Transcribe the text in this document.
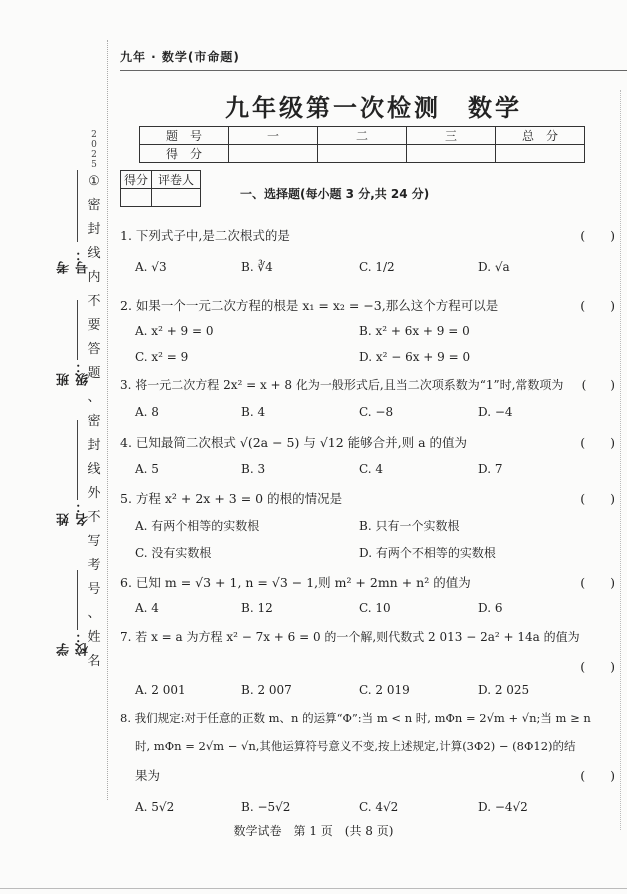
九年 · 数学(市命题)
2
0
2
5
①
密
封
线
内
不
要
答
题
、
密
封
线
外
不
写
考
号
、
姓
名
考号：
班级：
姓名：
学校：
九年级第一次检测　数学
题　号	一	二	三	总　分
得　分				
得分	评卷人

一、选择题(每小题 3 分,共 24 分)
1. 下列式子中,是二次根式的是	(　　)
A. √3	B. ∛4	C. 1/2	D. √a
2. 如果一个一元二次方程的根是 x₁ = x₂ = −3,那么这个方程可以是	(　　)
A. x² + 9 = 0	B. x² + 6x + 9 = 0
C. x² = 9	D. x² − 6x + 9 = 0
3. 将一元二次方程 2x² = x + 8 化为一般形式后,且当二次项系数为“1”时,常数项为	(　　)
A. 8	B. 4	C. −8	D. −4
4. 已知最简二次根式 √(2a − 5) 与 √12 能够合并,则 a 的值为	(　　)
A. 5	B. 3	C. 4	D. 7
5. 方程 x² + 2x + 3 = 0 的根的情况是	(　　)
A. 有两个相等的实数根	B. 只有一个实数根
C. 没有实数根	D. 有两个不相等的实数根
6. 已知 m = √3 + 1, n = √3 − 1,则 m² + 2mn + n² 的值为	(　　)
A. 4	B. 12	C. 10	D. 6
7. 若 x = a 为方程 x² − 7x + 6 = 0 的一个解,则代数式 2 013 − 2a² + 14a 的值为
(　　)
A. 2 001	B. 2 007	C. 2 019	D. 2 025
8. 我们规定:对于任意的正数 m、n 的运算“Φ”:当 m < n 时, mΦn = 2√m + √n;当 m ≥ n
时, mΦn = 2√m − √n,其他运算符号意义不变,按上述规定,计算(3Φ2) − (8Φ12)的结
果为	(　　)
A. 5√2	B. −5√2	C. 4√2	D. −4√2
数学试卷　第 1 页　(共 8 页)
